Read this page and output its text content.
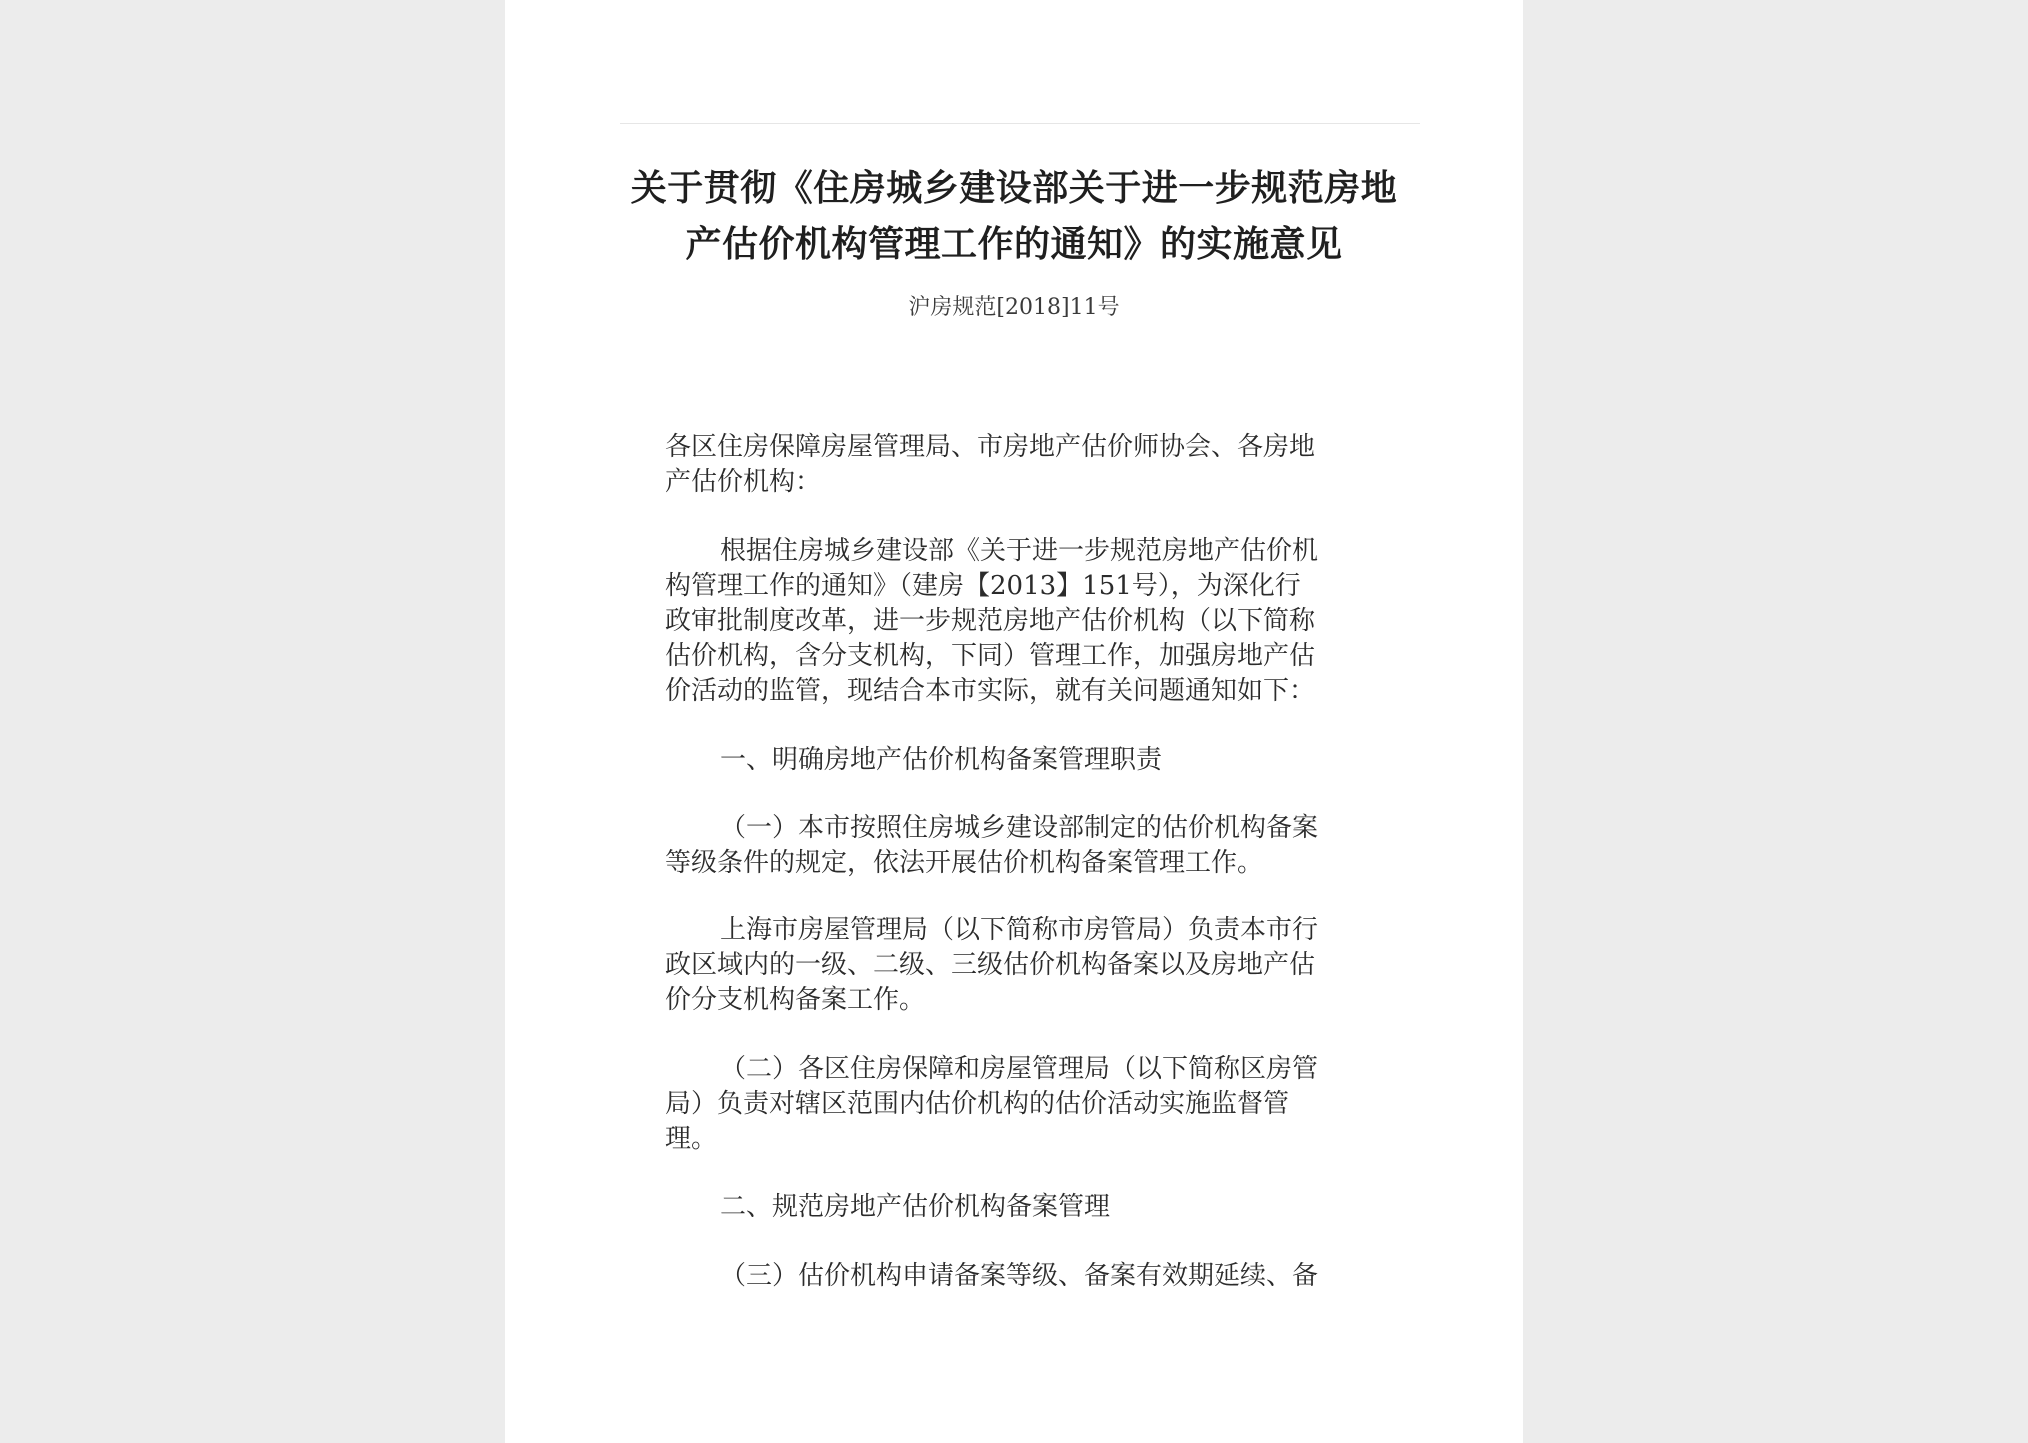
关于贯彻《住房城乡建设部关于进一步规范房地
产估价机构管理工作的通知》的实施意见
沪房规范[2018]11号
各区住房保障房屋管理局、市房地产估价师协会、各房地
产估价机构：
根据住房城乡建设部《关于进一步规范房地产估价机
构管理工作的通知》（建房【2013】151号），为深化行
政审批制度改革，进一步规范房地产估价机构（以下简称
估价机构，含分支机构，下同）管理工作，加强房地产估
价活动的监管，现结合本市实际，就有关问题通知如下：
一、明确房地产估价机构备案管理职责
（一）本市按照住房城乡建设部制定的估价机构备案
等级条件的规定，依法开展估价机构备案管理工作。
上海市房屋管理局（以下简称市房管局）负责本市行
政区域内的一级、二级、三级估价机构备案以及房地产估
价分支机构备案工作。
（二）各区住房保障和房屋管理局（以下简称区房管
局）负责对辖区范围内估价机构的估价活动实施监督管
理。
二、规范房地产估价机构备案管理
（三）估价机构申请备案等级、备案有效期延续、备
